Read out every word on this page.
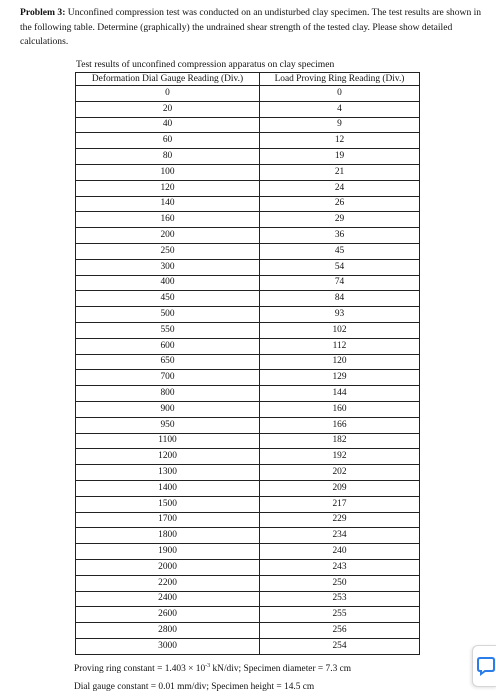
Problem 3: Unconfined compression test was conducted on an undisturbed clay specimen. The test results are shown in the following table. Determine (graphically) the undrained shear strength of the tested clay. Please show detailed calculations.
Test results of unconfined compression apparatus on clay specimen
Deformation Dial Gauge Reading (Div.)	Load Proving Ring Reading (Div.)
0	0
20	4
40	9
60	12
80	19
100	21
120	24
140	26
160	29
200	36
250	45
300	54
400	74
450	84
500	93
550	102
600	112
650	120
700	129
800	144
900	160
950	166
1100	182
1200	192
1300	202
1400	209
1500	217
1700	229
1800	234
1900	240
2000	243
2200	250
2400	253
2600	255
2800	256
3000	254
Proving ring constant = $1.403 \times 10^{-3}$ kN/div; Specimen diameter = 7.3 cm
Dial gauge constant = 0.01 mm/div; Specimen height = 14.5 cm
